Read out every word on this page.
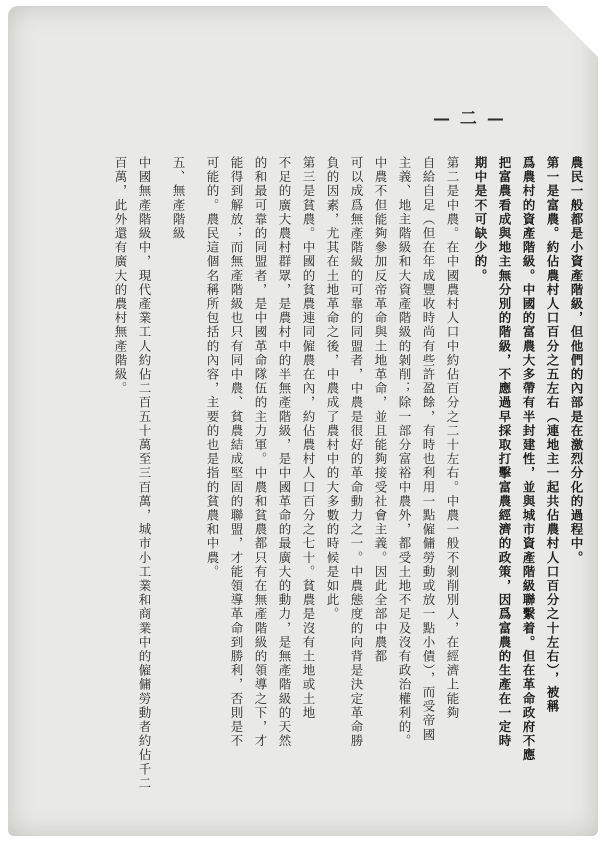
— 二 —
農民一般都是小資產階級，但他們的內部是在激烈分化的過程中。
第一是富農。約佔農村人口百分之五左右（連地主一起共佔農村人口百分之十左右），被稱
爲農村的資產階級。中國的富農大多帶有半封建性，並與城市資產階級聯繫着。但在革命政府不應
把富農看成與地主無分別的階級，不應過早採取打擊富農經濟的政策，因爲富農的生產在一定時
期中是不可缺少的。
第二是中農。在中國農村人口中約佔百分之二十左右。中農一般不剝削別人，在經濟上能夠
自給自足（但在年成豐收時尚有些許盈餘，有時也利用一點僱傭勞動或放一點小債），而受帝國
主義、地主階級和大資產階級的剝削；除一部分富裕中農外，都受土地不足及沒有政治權利的。
中農不但能夠參加反帝革命與土地革命，並且能夠接受社會主義。因此全部中農都
可以成爲無產階級的可靠的同盟者，中農是很好的革命動力之一。中農態度的向背是決定革命勝
負的因素，尤其在土地革命之後，中農成了農村中的大多數的時候是如此。
第三是貧農。中國的貧農連同僱農在內，約佔農村人口百分之七十。貧農是沒有土地或土地
不足的廣大農村群眾，是農村中的半無產階級，是中國革命的最廣大的動力，是無產階級的天然
的和最可靠的同盟者，是中國革命隊伍的主力軍。中農和貧農都只有在無產階級的領導之下，才
能得到解放；而無產階級也只有同中農、貧農結成堅固的聯盟，才能領導革命到勝利，否則是不
可能的。農民這個名稱所包括的內容，主要的也是指的貧農和中農。
五、無產階級
中國無產階級中，現代產業工人約佔二百五十萬至三百萬，城市小工業和商業中的僱傭勞動者約佔千二
百萬，此外還有廣大的農村無產階級。
